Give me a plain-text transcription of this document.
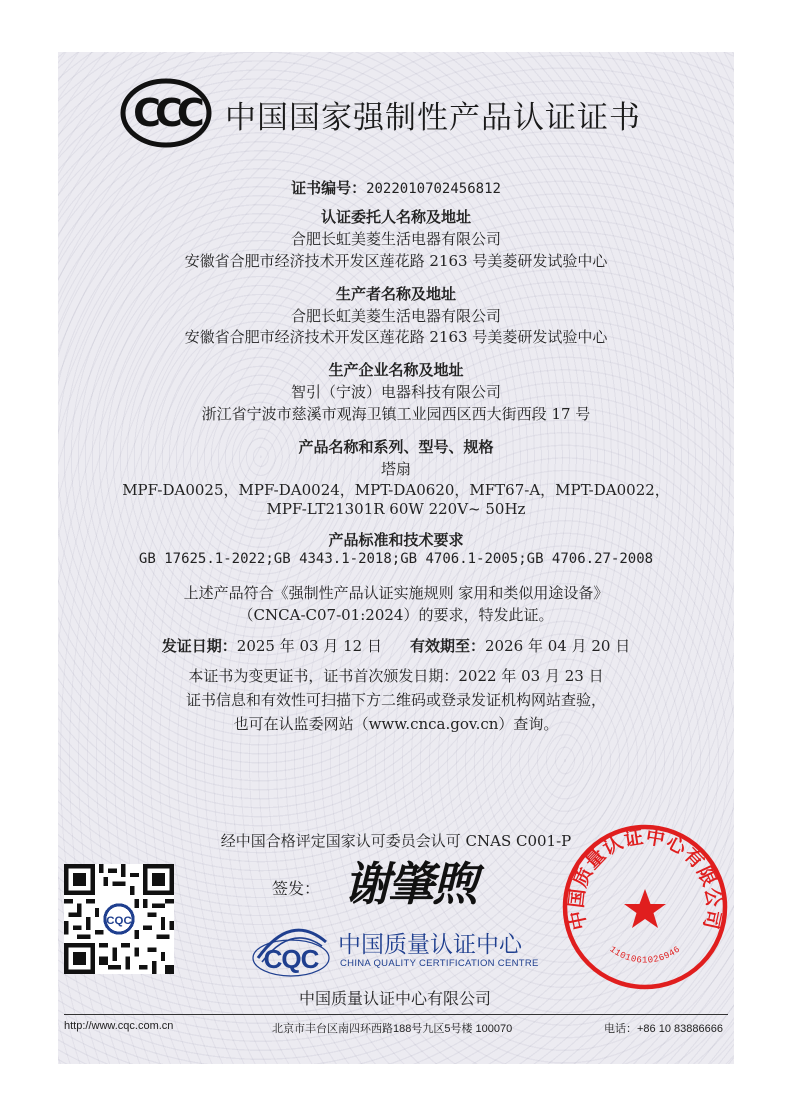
CCC 中国国家强制性产品认证证书
证书编号：2022010702456812
认证委托人名称及地址
合肥长虹美菱生活电器有限公司
安徽省合肥市经济技术开发区莲花路 2163 号美菱研发试验中心
生产者名称及地址
合肥长虹美菱生活电器有限公司
安徽省合肥市经济技术开发区莲花路 2163 号美菱研发试验中心
生产企业名称及地址
智引（宁波）电器科技有限公司
浙江省宁波市慈溪市观海卫镇工业园西区西大街西段 17 号
产品名称和系列、型号、规格
塔扇
MPF-DA0025，MPF-DA0024，MPT-DA0620，MFT67-A，MPT-DA0022，
MPF-LT21301R 60W 220V~ 50Hz
产品标准和技术要求
GB 17625.1-2022;GB 4343.1-2018;GB 4706.1-2005;GB 4706.27-2008
上述产品符合《强制性产品认证实施规则 家用和类似用途设备》
（CNCA-C07-01:2024）的要求，特发此证。
发证日期：2025 年 03 月 12 日 有效期至：2026 年 04 月 20 日
本证书为变更证书，证书首次颁发日期：2022 年 03 月 23 日
证书信息和有效性可扫描下方二维码或登录发证机构网站查验，
也可在认监委网站（www.cnca.gov.cn）查询。
经中国合格评定国家认可委员会认可 CNAS C001-P
CQC
签发： 谢肇煦
CQC 中国质量认证中心
CHINA QUALITY CERTIFICATION CENTRE
中国质量认证中心有限公司
中国质量认证中心有限公司
1101061026946
http://www.cqc.com.cn	北京市丰台区南四环西路188号九区5号楼 100070	电话：+86 10 83886666
